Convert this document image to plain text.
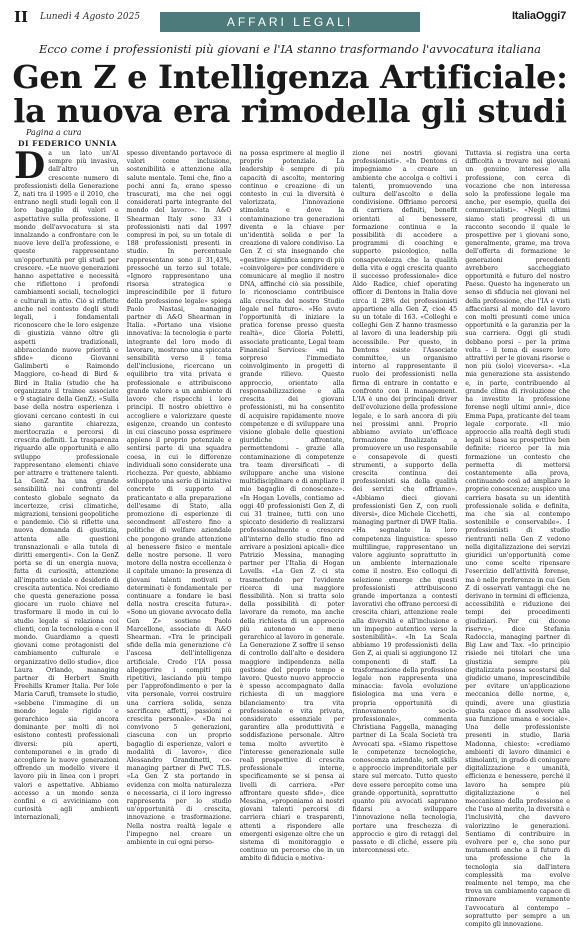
II Lunedì 4 Agosto 2025	ItaliaOggi7
AFFARI LEGALI
Ecco come i professionisti più giovani e l'IA stanno trasformando l'avvocatura italiana
Gen Z e Intelligenza Artificiale:
la nuova era rimodella gli studi
Pagina a cura
DI FEDERICO UNNIA
D a un lato un'AI sempre più invasiva, dall'altro un crescente numero di professionisti della Generazione Z, nati tra il 1995 e il 2010, che entrano negli studi legali con il loro bagaglio di valori e aspettative sulla professione. Il mondo dell'avvocatura si sta innalzando a confrontare con le nuove leve dell'a professione, e queste rappresentano un'opportunità per gli studi per crescere. «Le nuove generazioni hanno aspettative e necessità che riflettono i profondi cambiamenti sociali, tecnologici e culturali in atto. Ciò si riflette anche nel contesto degli studi legali, i fondamentali riconoscere che le loro esigenze di giustizia vanno oltre gli aspetti tradizionali, abbracciando nuove priorità e sfide» dicono Giovanni Galimberti e Raimondo Maggiore, co-head di Bird & Bird in Italia (studio che ha organizzato il trainee associate e 9 stagiaire della GenZ). «Sulla base della nostra esperienza i giovani cercano contesti in cui siano garantite chiarezza, meritocrazia e percorsi di crescita definiti. La trasparenza riguardo alle opportunità e allo sviluppo professionale rappresentano elementi chiave per attrarre e trattenere talenti. La GenZ ha una grande sensibilità nei confronti del contesto globale segnato da incertezze, crisi climatiche, migrazioni, tensioni geopolitiche e pandemie. Ciò si riflette una nuova domanda di giustizia, attenta alle questioni transnazionali e alla tutela di diritti emergenti». Con la GenZ porta se di un energia nuova, fatta di curiosità, attenzione all'impatto sociale e desiderio di crescita autentica. Noi crediamo che questa generazione possa giocare un ruolo chiave nel trasformare il modo in cui lo studio legale si relaziona coi clienti, con la tecnologia e con il mondo. Guardiamo a questi giovani come protagonisti del cambiamento culturale e organizzativo dello studio», dice Laura Orlando, managing partner di Herbert Smith Freehills Kramer Italia. Per Iole Maria Carufi, tramsete lo studio, «sebbene l'immagine di un mondo legale rigido e gerarchico sia ancora dominante per molti di noi esistono contesti professionali diversi: più aperti, contemporanei e in grado di accogliere le nuove generazioni offrendo un modello vivere il lavoro più in linea con i propri valori e aspettative. Abbiamo accesso a un mondo senza confini e ci avviciniamo con curiosità agli ambienti internazionali,
spesso diventando portavoce di valori come inclusione, sostenibilità e attenzione alla salute mentale. Temi che, fino a pochi anni fa, erano spesso trascurati, ma che nei oggi considerati parte integrante del mondo del lavoro». In A&O Shearman Italy sono 33 i professionisti nati dal 1997 compresi in poi, su un totale di 188 professionisti presenti in studio. In percentuale rappresentano sono il 31,43%, pressoché un terzo sul totale. «Ignoro rappresentano una risorsa strategica e imprescindibile per il futuro della professione legale» spiega Paolo Nastasi, managing partner di A&O Shearman in Italia. «Portano una visione innovativa: la tecnologia è parte integrante del loro modo di lavorare, mostrano una spiccata sensibilità verso il tema dell'inclusione, ricercano un equilibrio tra vita privata e professionale e attribuiscono grande valore a un ambiente di lavoro che rispecchi i loro principi. Il nostro obiettivo è accogliere e valorizzare queste esigenze, creando un contesto in cui ciascuno possa esprimere appieno il proprio potenziale e sentirsi parte di una squadra coesa, in cui le differenze individuali sono considerate una ricchezza. Per questo, abbiamo sviluppato una serie di iniziative concrete di supporto al praticantato e alla preparazione dell'esame di Stato, alla promozione di esperienze di secondment all'estero fino a politiche di welfare aziendale che pongono grande attenzione al benessere fisico e mentale delle nostre persone. Il vero motore della nostra eccellenza è il capitale umano: la presenza di giovani talenti motivati e determinati è fondamentale per continuare a fondare le basi della nostra crescita futura». «Sono un giovane avvocato della Gen Z» sostiene Paolo Marcellone, associate di A&O Shearman. «Tra le principali sfide della mia generazione c'è l'ascesa dell'intelligenza artificiale. Credo l'IA possa alleggerire i compiti più ripetitivi, lasciando più tempo per l'approfondimento e per la vita personale, vorrei costruire una carriera solida, senza sacrificare affetti, passioni e crescita personale». «Da noi convivono 5 generazioni, ciascuna con un proprio bagaglio di esperienze, valori e modalità di lavoro», dice Alessandro Grandinetti, co-managing partner di PwC TLS. «La Gen Z sta portando in evidenza con molta naturalezza e necessaria, ci il loro ingresso rappresenta per lo studio un'opportunità di crescita, innovazione e trasformazione. Nella nostra realtà legale e l'impegno nel creare un ambiente in cui ogni perso-
na possa esprimere al meglio il proprio potenziale. La leadership è sempre di più capacità di ascolto, mentoring continuo e creazione di un contesto in cui la diversità è valorizzata, l'innovazione stimolata e dove la contaminazione tra generazioni diventa e la chiave per un'identità solida e per la creazione di valore condiviso. La Gen Z ci sta insegnando che «gestire» significa sempre di più «coinvolgere» per condividere e comunicare al meglio il nostro DNA, affinché ciò sia possibile, lo riconosciamo contribuisce alla crescita del nostro Studio legale nel futuro». «Ho avuto l'opportunità di iniziare la pratica forense presso questa realtà», dice Gloria Poletti, associate praticante, Legal team Financial Services: «mi ha sorpreso l'immediato coinvolgimento in progetti di grande rilievo. Questo approccio, orientato alla responsabilizzazione e alla crescita dei giovani professionisti, mi ha consentito di acquisire rapidamente nuove competenze e di sviluppare una visione globale delle questioni giuridiche affrontate, permettendomi – grazie alla contaminazione di competenze tra team diversificati – di sviluppare anche una visione multidisciplinare e di ampliare il mio bagaglio di conoscenze». «In Hogan Lovells, contiamo ad oggi 40 professionisti Gen Z, di cui 31 trainee, tutti con uno spiccato desiderio di realizzarsi professionalmente e crescere all'interno dello studio fino ad arrivare a posizioni apicali» dice Patrizio Messina, managing partner per l'Italia di Hogan Lovells. «La Gen Z ci sta trasmettendo per l'evidente ricerca di una maggiore flessibilità. Non si tratta solo della possibilità di poter lavorare da remoto, ma anche della richiesta di un approccio più autonomo e meno gerarchico al lavoro in generale. La Generazione Z soffre il senso di controllo dall'alto e desidera maggiore indipendenza nella gestione del proprio tempo e lavoro. Questo nuovo approccio è spesso accompagnato dalla richiesta di un maggiore bilanciamento tra vita professionale e vita privata, considerato essenziale per garantire alla produttività e soddisfazione personale. Altro tema molto avvertito è l'interesse generazionale sulle reali prospettive di crescita professionale interne, specificamente se si pensa ai livelli di carriera. «Per affrontare queste sfide», dice Messina, «proponiamo ai nostri giovani talenti percorsi di carriera chiari e trasparenti, attenti a rispondere alle emergenti esigenze oltre che un sistema di monitoraggio e continuo un percorso che in un ambito di fiducia e motiva-
zione nei nostri giovani professionisti». «In Dentons ci impegniamo a creare un ambiente che accolga e coltivi i talenti, promuovendo una cultura dell'ascolto e della condivisione. Offriamo percorsi di carriera definiti, benefit orientati al benessere, formazione continua e la possibilità di accedere a programmi di coaching e supporto psicologico, nella consapevolezza che la qualità della vita e oggi crescita quanto il successo professionale» dice Aldo Radice, chief operating officer di Dentons in Italia dove circa il 28% dei professionisti appartiene alla Gen Z, cioè 45 su un totale di 163. «Colleghi e colleghi Gen Z hanno trasmesso al lavoro di una leadership più accessibile. Per questo, in Dentons esiste l'Associate committee, un organismo interno al rappresentante il ruolo dei professionisti nella firma di entrare in contatto e confronto con il management. L'IA è uno dei principali driver dell'evoluzione della professione legale, e lo sarà ancora di più nei prossimi anni. Proprio abbiamo avviato un'efficace formazione finalizzata a promuovere un uso responsabile e consapevole di questi strumenti, a supporto della crescita continua dei professionisti sia della qualità dei servizi che offriamo». «Abbiamo dieci giovani professionisti Gen Z, con ruoli diversi», dice Michele Cicchetti, managing partner di DWF Italia. «Ha segnalate la loro competenza linguistica: spesso multilingue, rappresentano un valore aggiunto soprattutto in un ambiente internazionale come il nostro. Eso colloqui di selezione emerge che questi professionisti attribuiscono grande importanza a contesti lavorativi che offrano percorsi di crescita chiari, attenzione reale alla diversità e all'inclusione e un impegno autentico verso la sostenibilità». «In La Scala abbiamo 19 professionisti della Gen Z, ai quali si aggiungono 12 componenti di staff. La trasformazione della professione legale non rappresenta una minaccia: favola evoluzione fisiologica ma una vera e propria opportunità di rinnovamento socio-professionale», commenta Christiana Faggella, managing partner di La Scala Società tra Avvocati spa. «Siamo rispettose le competenze tecnologiche, conoscenza aziendale, soft skills e approccio imprenditoriale per stare sul mercato. Tutto questo deve essere percepito come una grande opportunità, soprattutto quanto più avvocati sapranno fidarsi a sviluppare l'innovazione nella tecnologia, portare una freschezza di approccio e giro di retaggi del passato e di cliché, essere più interconnessi etc.
Tuttavia si registra una certa difficoltà a trovare nei giovani un genuino interesse alla professione, con cerca di vocazione che non interessa solo la professione legale ma anche, per esempio, quella dei commercialisti». «Negli ultimi siamo stati progressi di un racconto secondo il quale le prospettive per i giovani sono, generalmente, grame, ma trova dell'offerta di formazione le generazioni precedenti avrebbero saccheggiato opportunità e futuro del nostro Paese. Questo ha ingenerato un senso di sfiducia nei giovani nel della professione, che l'IA e visti affacciarsi al mondo del lavoro con molti presunti come unica opportunità e la garanzia per la sua carriera. Oggi gli studi debbano porsi – per la prima volta – il tema di essere loro attrattivi per le giovani risorse e non più (solo) viceversa». «La mia generazione sta assistendo e, in parte, contribuendo al grande clima di rivoluzione che ha investito la professione forense negli ultimi anni», dice Emma Papa, praticante del team legale corporate. «Il mio approccio alla realtà degli studi legali si basa su prospettive ben definite: ricerco per la mia formazione un contesto che permetta di mettersi costantemente alla prova, continuando così ad ampliare le proprie conoscenze; auspico una carriera basata su un identità professionale solida e definita, ma che sia al contempo sostenibile e conservabile». I professionisti di studio rientranti nella Gen Z vedono nella digitalizzazione dei servizi giuridici un'opportunità come uno come scelte ripensare l'esercizio dell'attività forense, ma è nelle preferenze in cui Gen Z di osservati vantaggi che ne derivano in termini di efficienza, accessibilità e riduzione dei tempi dei procedimenti giudiziari. Per cui dicono riserve», dice Stefania Radoccia, managing partner di Big Law and Tax. «Io principio risiede nei titolari che una giustizia sempre più digitalizzata possa scostarsi dal giudicio umano, imprescindibile per evitare un'applicazione meccanica delle norme, e, quindi, avere una giustizia giusta capace di assolvere alla sua funzione umana e sociale». Una delle professioniste presenti in studio, Ilaria Madonna, chiesto: «crediamo ambienti di lavoro dinamici e stimolanti, in grado di coniugare digitalizzazione e umanità, efficienza e benessere, perché il lavoro ha sempre più digitalizzazione e nel meccanismo della professione e che l'uso al merito, la diversità e l'inclusività, che davvero valorizzino le generazioni. Sentiamo di contribuire in evolvere per e, che sono pur mutamenti anche a il futuro di una professione che la tecnologia sia dall'intera complessità ma evolve realmente nel tempo, ma che trova un cambiamento capace di rinnovare veramente l'avvocatura al contempo – soprattutto per sempre a un compito gli innovazione.
